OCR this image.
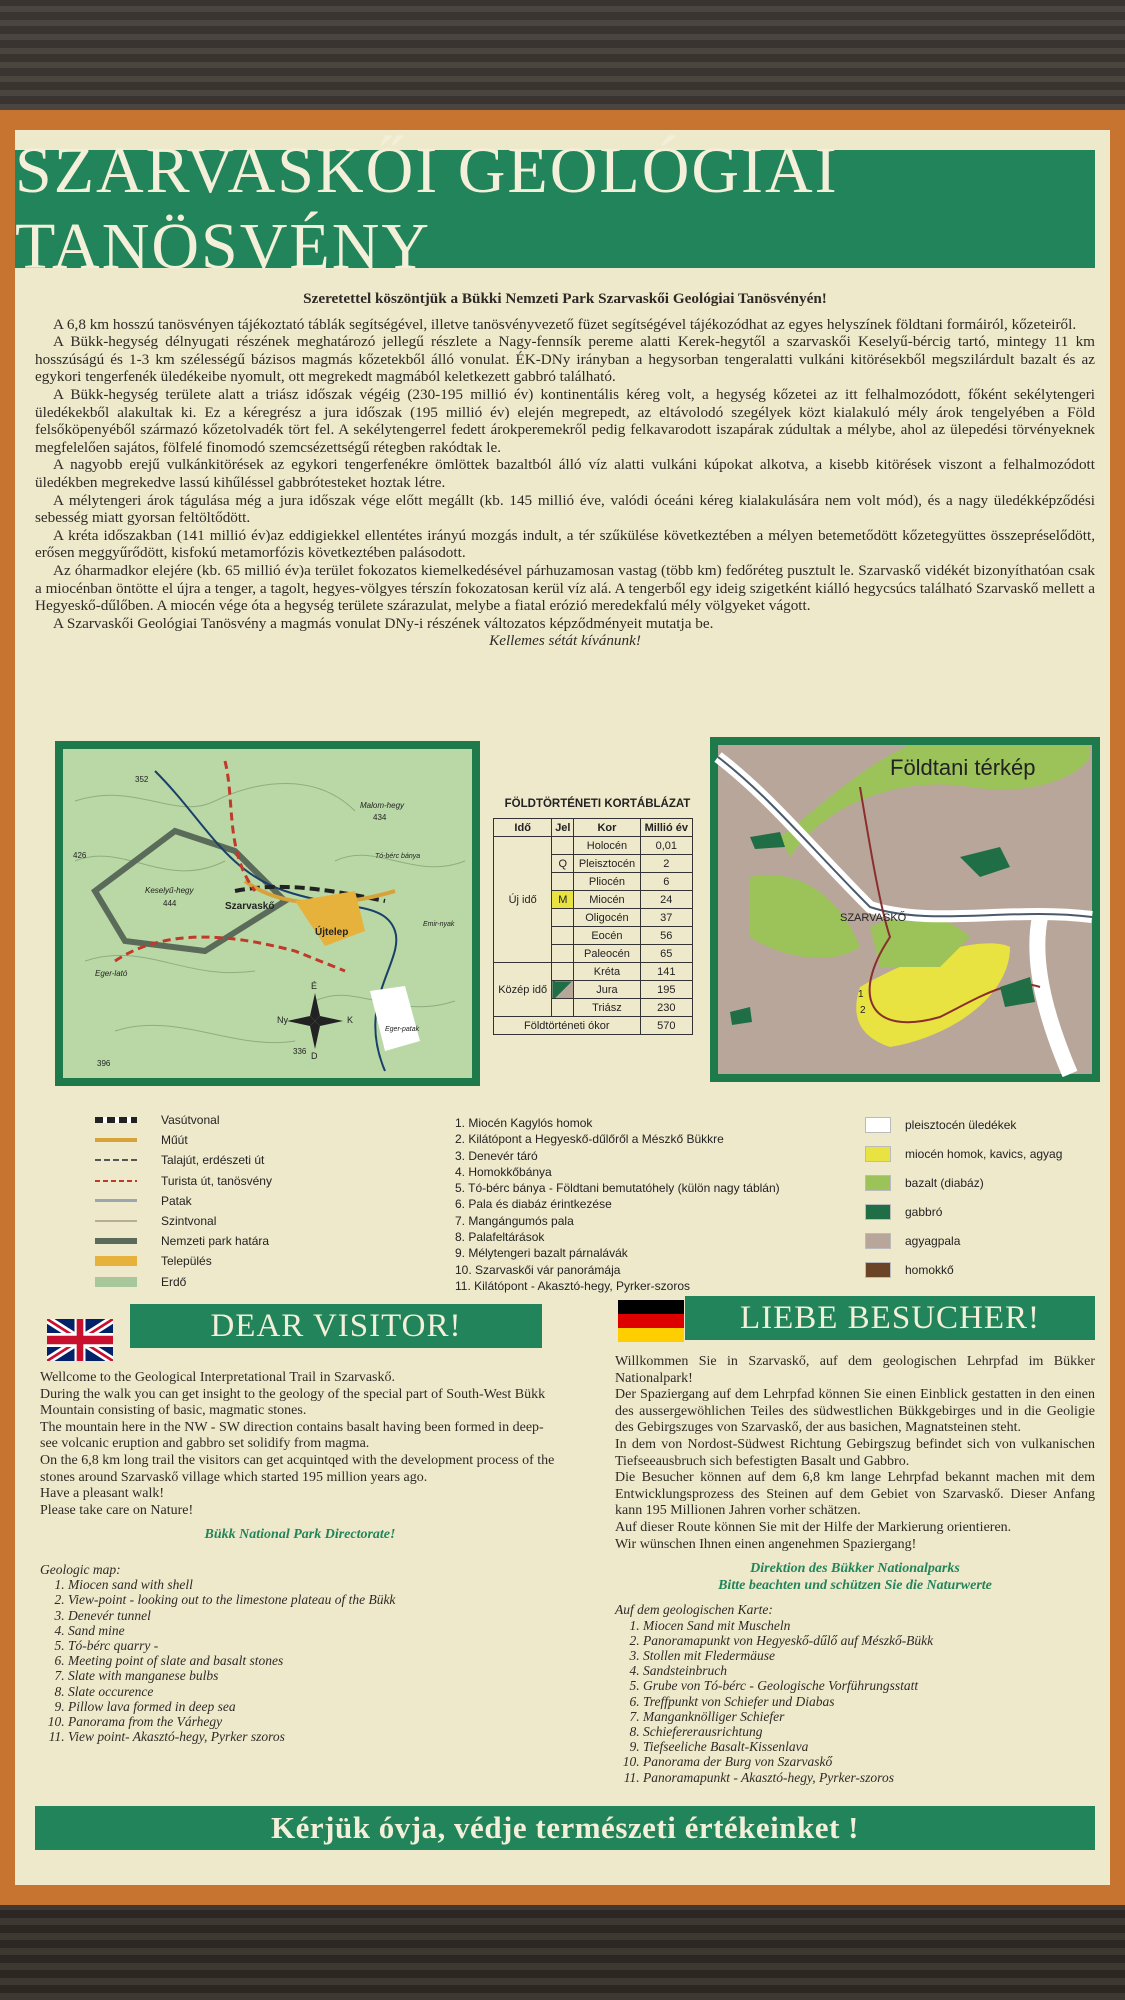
SZARVASKŐI GEOLÓGIAI TANÖSVÉNY
Szeretettel köszöntjük a Bükki Nemzeti Park Szarvaskői Geológiai Tanösvényén!

A 6,8 km hosszú tanösvényen tájékoztató táblák segítségével, illetve tanösvényvezető füzet segítségével tájékozódhat az egyes helyszínek földtani formáiról, kőzeteiről.

A Bükk-hegység délnyugati részének meghatározó jellegű részlete a Nagy-fennsík pereme alatti Kerek-hegytől a szarvaskői Keselyű-bércig tartó, mintegy 11 km hosszúságú és 1-3 km szélességű bázisos magmás kőzetekből álló vonulat. ÉK-DNy irányban a hegysorban tengeralatti vulkáni kitörésekből megszilárdult bazalt és az egykori tengerfenék üledékeibe nyomult, ott megrekedt magmából keletkezett gabbró található.

A Bükk-hegység területe alatt a triász időszak végéig (230-195 millió év) kontinentális kéreg volt, a hegység kőzetei az itt felhalmozódott, főként sekélytengeri üledékekből alakultak ki. Ez a kéregrész a jura időszak (195 millió év) elején megrepedt, az eltávolodó szegélyek közt kialakuló mély árok tengelyében a Föld felsőköpenyéből származó kőzetolvadék tört fel. A sekélytengerrel fedett árokperemekről pedig felkavarodott iszapárak zúdultak a mélybe, ahol az ülepedési törvényeknek megfelelően sajátos, fölfelé finomodó szemcsézettségű rétegben rakódtak le.

A nagyobb erejű vulkánkitörések az egykori tengerfenékre ömlöttek bazaltból álló víz alatti vulkáni kúpokat alkotva, a kisebb kitörések viszont a felhalmozódott üledékben megrekedve lassú kihűléssel gabbrótesteket hoztak létre.

A mélytengeri árok tágulása még a jura időszak vége előtt megállt (kb. 145 millió éve, valódi óceáni kéreg kialakulására nem volt mód), és a nagy üledékképződési sebesség miatt gyorsan feltöltődött.

A kréta időszakban (141 millió év)az eddigiekkel ellentétes irányú mozgás indult, a tér szűkülése következtében a mélyen betemetődött kőzetegyüttes összepréselődött, erősen meggyűrődött, kisfokú metamorfózis következtében palásodott.

Az óharmadkor elejére (kb. 65 millió év)a terület fokozatos kiemelkedésével párhuzamosan vastag (több km) fedőréteg pusztult le. Szarvaskő vidékét bizonyíthatóan csak a miocénban öntötte el újra a tenger, a tagolt, hegyes-völgyes térszín fokozatosan kerül víz alá. A tengerből egy ideig szigetként kiálló hegycsúcs található Szarvaskő mellett a Hegyeskő-dűlőben. A miocén vége óta a hegység területe szárazulat, melybe a fiatal erózió meredekfalú mély völgyeket vágott.

A Szarvaskői Geológiai Tanösvény a magmás vonulat DNy-i részének változatos képződményeit mutatja be.

Kellemes sétát kívánunk!
352
426
Keselyű-hegy
444	Szarvaskő
Malom-hegy
434
Tó-bérc bánya
Újtelep
Eger-lató
396
336
Emir-nyak
Eger-patak
É
Ny	K
D
FÖLDTÖRTÉNETI KORTÁBLÁZAT
Idő	Jel	Kor	Millió év
Új idő		Holocén	0,01
	Q	Pleisztocén	2
		Pliocén	6
	M	Miocén	24
		Oligocén	37
		Eocén	56
		Paleocén	65
Közép idő		Kréta	141
		Jura	195
		Triász	230
Földtörténeti ókor			570
Földtani térkép
SZARVASKŐ
2
1
Vasútvonal
Műút
Talajút, erdészeti út
Turista út, tanösvény
Patak
Szintvonal
Nemzeti park határa
Település
Erdő
1. Miocén Kagylós homok
2. Kilátópont a Hegyeskő-dűlőről a Mészkő Bükkre
3. Denevér táró
4. Homokkőbánya
5. Tó-bérc bánya - Földtani bemutatóhely (külön nagy táblán)
6. Pala és diabáz érintkezése
7. Mangángumós pala
8. Palafeltárások
9. Mélytengeri bazalt párnalávák
10. Szarvaskői vár panorámája
11. Kilátópont - Akasztó-hegy, Pyrker-szoros
pleisztocén üledékek
miocén homok, kavics, agyag
bazalt (diabáz)
gabbró
agyagpala
homokkő
DEAR VISITOR!

Wellcome to the Geological Interpretational Trail in Szarvaskő.

During the walk you can get insight to the geology of the special part of South-West Bükk Mountain consisting of basic, magmatic stones.

The mountain here in the NW - SW direction contains basalt having been formed in deep-see volcanic eruption and gabbro set solidify from magma.

On the 6,8 km long trail the visitors can get acquintqed with the development process of the stones around Szarvaskő village which started 195 million years ago.

Have a pleasant walk!

Please take care on Nature!

Bükk National Park Directorate!

Geologic map:
1. Miocen sand with shell
2. View-point - looking out to the limestone plateau of the Bükk
3. Denevér tunnel
4. Sand mine
5. Tó-bérc quarry -
6. Meeting point of slate and basalt stones
7. Slate with manganese bulbs
8. Slate occurence
9. Pillow lava formed in deep sea
10. Panorama from the Várhegy
11. View point- Akasztó-hegy, Pyrker szoros
LIEBE BESUCHER!

Willkommen Sie in Szarvaskő, auf dem geologischen Lehrpfad im Bükker Nationalpark!

Der Spaziergang auf dem Lehrpfad können Sie einen Einblick gestatten in den einen des aussergewöhlichen Teiles des südwestlichen Bükkgebirges und in die Geoligie des Gebirgszuges von Szarvaskő, der aus basichen, Magnatsteinen steht.

In dem von Nordost-Südwest Richtung Gebirgszug befindet sich von vulkanischen Tiefseeausbruch sich befestigten Basalt und Gabbro.

Die Besucher können auf dem 6,8 km lange Lehrpfad bekannt machen mit dem Entwicklungsprozess des Steinen auf dem Gebiet von Szarvaskő. Dieser Anfang kann 195 Millionen Jahren vorher schätzen.

Auf dieser Route können Sie mit der Hilfe der Markierung orientieren.

Wir wünschen Ihnen einen angenehmen Spaziergang!

Direktion des Bükker Nationalparks

Bitte beachten und schützen Sie die Naturwerte

Auf dem geologischen Karte:
1. Miocen Sand mit Muscheln
2. Panoramapunkt von Hegyeskő-dűlő auf Mészkő-Bükk
3. Stollen mit Fledermäuse
4. Sandsteinbruch
5. Grube von Tó-bérc - Geologische Vorführungsstatt
6. Treffpunkt von Schiefer und Diabas
7. Manganknölliger Schiefer
8. Schiefererausrichtung
9. Tiefseeliche Basalt-Kissenlava
10. Panorama der Burg von Szarvaskő
11. Panoramapunkt - Akasztó-hegy, Pyrker-szoros
Kérjük óvja, védje természeti értékeinket !
